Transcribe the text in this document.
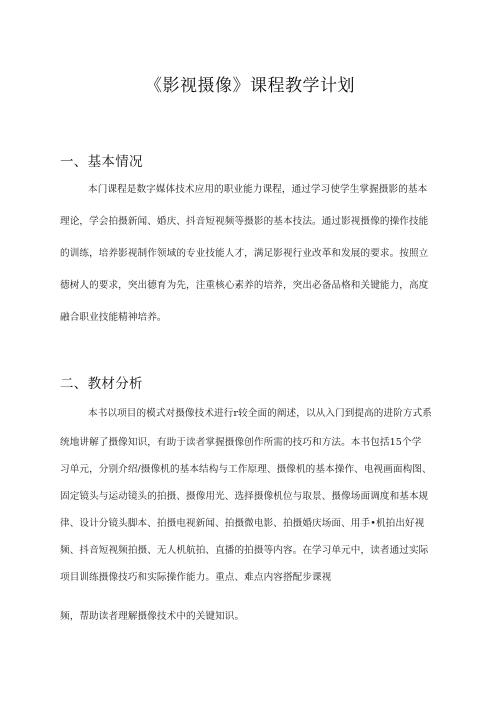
《影视摄像》课程教学计划
一、基本情况
本门课程是数字媒体技术应用的职业能力课程，通过学习使学生掌握摄影的基本
理论，学会拍摄新闻、婚庆、抖音短视频等摄影的基本技法。通过影视摄像的操作技能
的训练，培养影视制作领域的专业技能人才，满足影视行业改革和发展的要求。按照立
德树人的要求，突出德育为先，注重核心素养的培养，突出必备品格和关键能力，高度
融合职业技能精神培养。
二、教材分析
本书以项目的模式对摄像技术进行r较全面的阐述，以从入门到提高的进阶方式系
统地讲解了摄像知识，有助于读者掌握摄像创作所需的技巧和方法。本书包括15个学
习单元，分别介绍/摄像机的基本结构与工作原理、摄像机的基本操作、电视画面构图、
固定镜头与运动镜头的拍摄、摄像用光、选择摄像机位与取景、摄像场面调度和基本规
律、设计分镜头脚本、拍摄电视新闻、拍摄微电影、拍摄婚庆场面、用手•机拍出好视
频、抖音短视频拍摄、无人机航拍、直播的拍摄等内容。在学习单元中，读者通过实际
项目训练摄像技巧和实际操作能力。重点、难点内容搭配步课视
频，帮助读者理解摄像技术中的关键知识。
